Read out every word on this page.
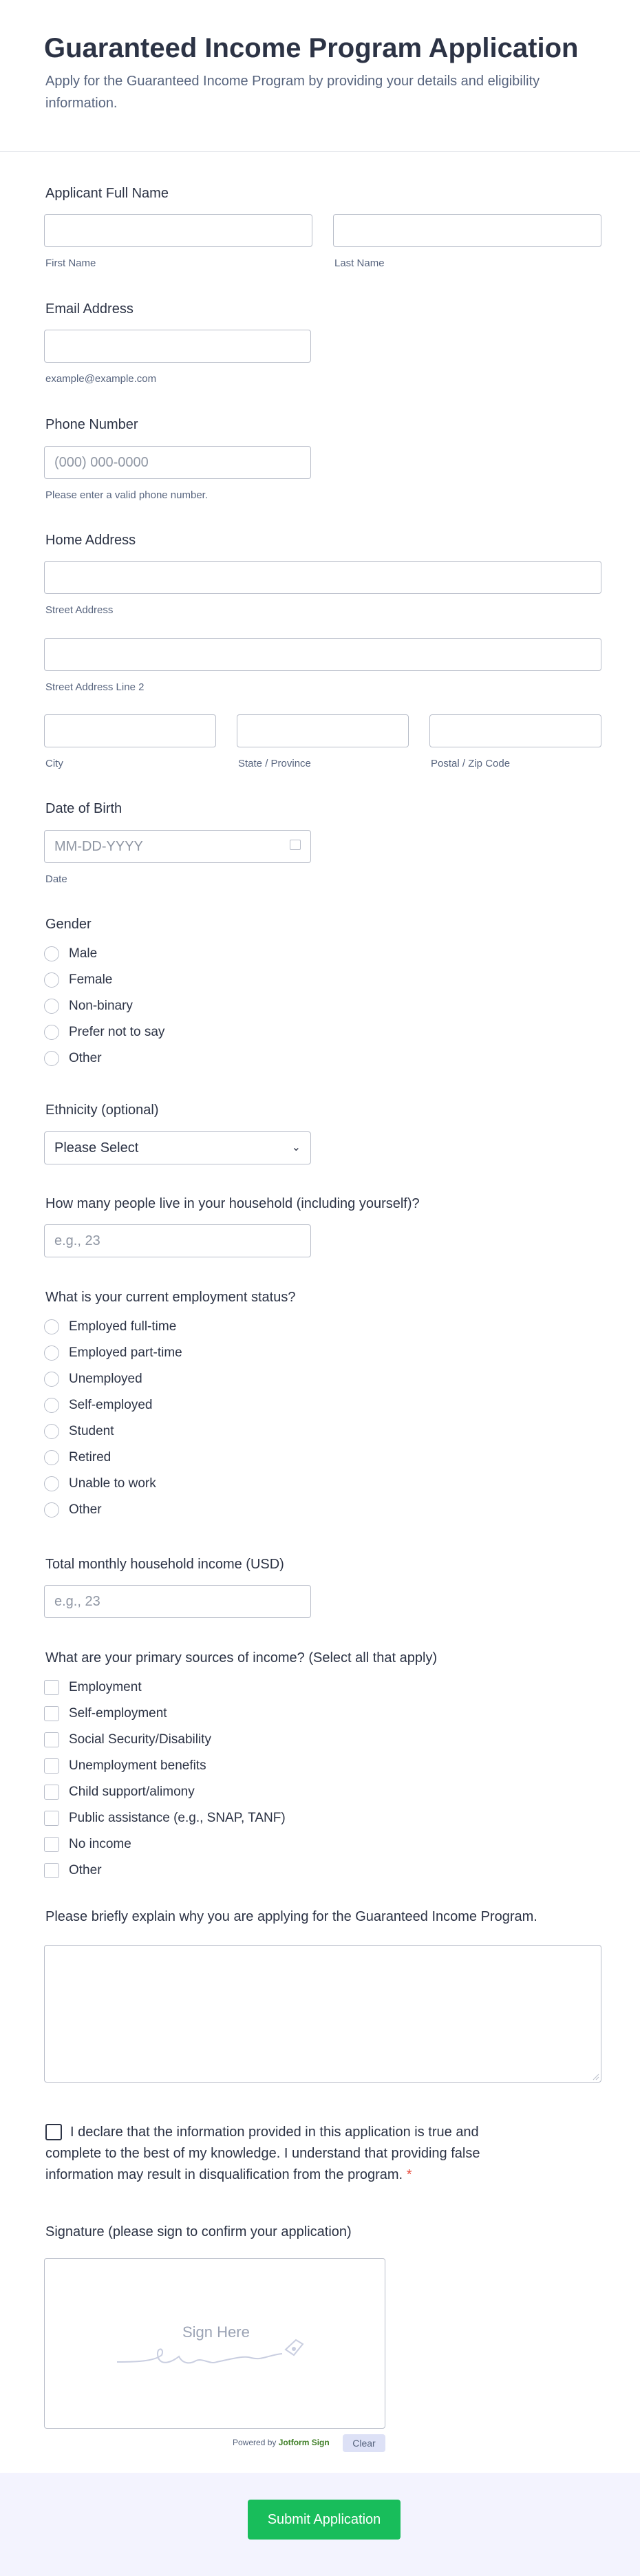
Guaranteed Income Program Application
Apply for the Guaranteed Income Program by providing your details and eligibility information.
Applicant Full Name
First Name	Last Name
Email Address
example@example.com
Phone Number
(000) 000-0000
Please enter a valid phone number.
Home Address
Street Address
Street Address Line 2
City	State / Province	Postal / Zip Code
Date of Birth
MM-DD-YYYY
Date
Gender
Male
Female
Non-binary
Prefer not to say
Other
Ethnicity (optional)
Please Select	⌄
How many people live in your household (including yourself)?
e.g., 23
What is your current employment status?
Employed full-time
Employed part-time
Unemployed
Self-employed
Student
Retired
Unable to work
Other
Total monthly household income (USD)
e.g., 23
What are your primary sources of income? (Select all that apply)
Employment
Self-employment
Social Security/Disability
Unemployment benefits
Child support/alimony
Public assistance (e.g., SNAP, TANF)
No income
Other
Please briefly explain why you are applying for the Guaranteed Income Program.
I declare that the information provided in this application is true and complete to the best of my knowledge. I understand that providing false information may result in disqualification from the program. *
Signature (please sign to confirm your application)
Sign Here
Powered by Jotform Sign	Clear
Submit Application
